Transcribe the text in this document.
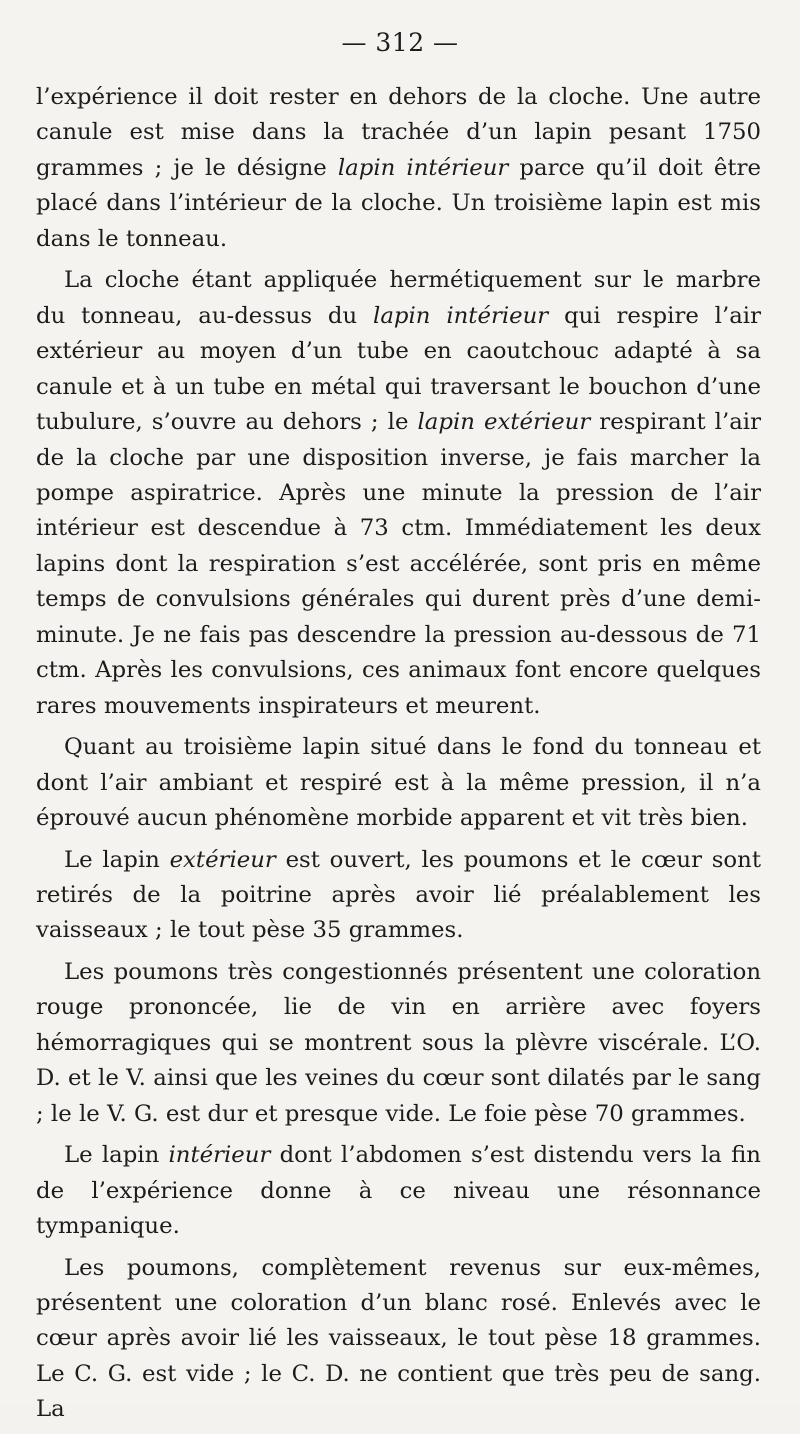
— 312 —

l’expérience il doit rester en dehors de la cloche. Une autre canule est mise dans la trachée d’un lapin pesant 1750 grammes ; je le désigne lapin intérieur parce qu’il doit être placé dans l’intérieur de la cloche. Un troisième lapin est mis dans le tonneau.

La cloche étant appliquée hermétiquement sur le marbre du tonneau, au-dessus du lapin intérieur qui respire l’air extérieur au moyen d’un tube en caoutchouc adapté à sa canule et à un tube en métal qui traversant le bouchon d’une tubulure, s’ouvre au dehors ; le lapin extérieur respirant l’air de la cloche par une disposition inverse, je fais marcher la pompe aspiratrice. Après une minute la pression de l’air intérieur est descendue à 73 ctm. Immédiatement les deux lapins dont la respiration s’est accélérée, sont pris en même temps de convulsions générales qui durent près d’une demi-minute. Je ne fais pas descendre la pression au-dessous de 71 ctm. Après les convulsions, ces animaux font encore quelques rares mouvements inspirateurs et meurent.

Quant au troisième lapin situé dans le fond du tonneau et dont l’air ambiant et respiré est à la même pression, il n’a éprouvé aucun phénomène morbide apparent et vit très bien.

Le lapin extérieur est ouvert, les poumons et le cœur sont retirés de la poitrine après avoir lié préalablement les vaisseaux ; le tout pèse 35 grammes.

Les poumons très congestionnés présentent une coloration rouge prononcée, lie de vin en arrière avec foyers hémorragiques qui se montrent sous la plèvre viscérale. L’O. D. et le V. ainsi que les veines du cœur sont dilatés par le sang ; le le V. G. est dur et presque vide. Le foie pèse 70 grammes.

Le lapin intérieur dont l’abdomen s’est distendu vers la fin de l’expérience donne à ce niveau une résonnance tympanique.

Les poumons, complètement revenus sur eux-mêmes, présentent une coloration d’un blanc rosé. Enlevés avec le cœur après avoir lié les vaisseaux, le tout pèse 18 grammes. Le C. G. est vide ; le C. D. ne contient que très peu de sang. La
